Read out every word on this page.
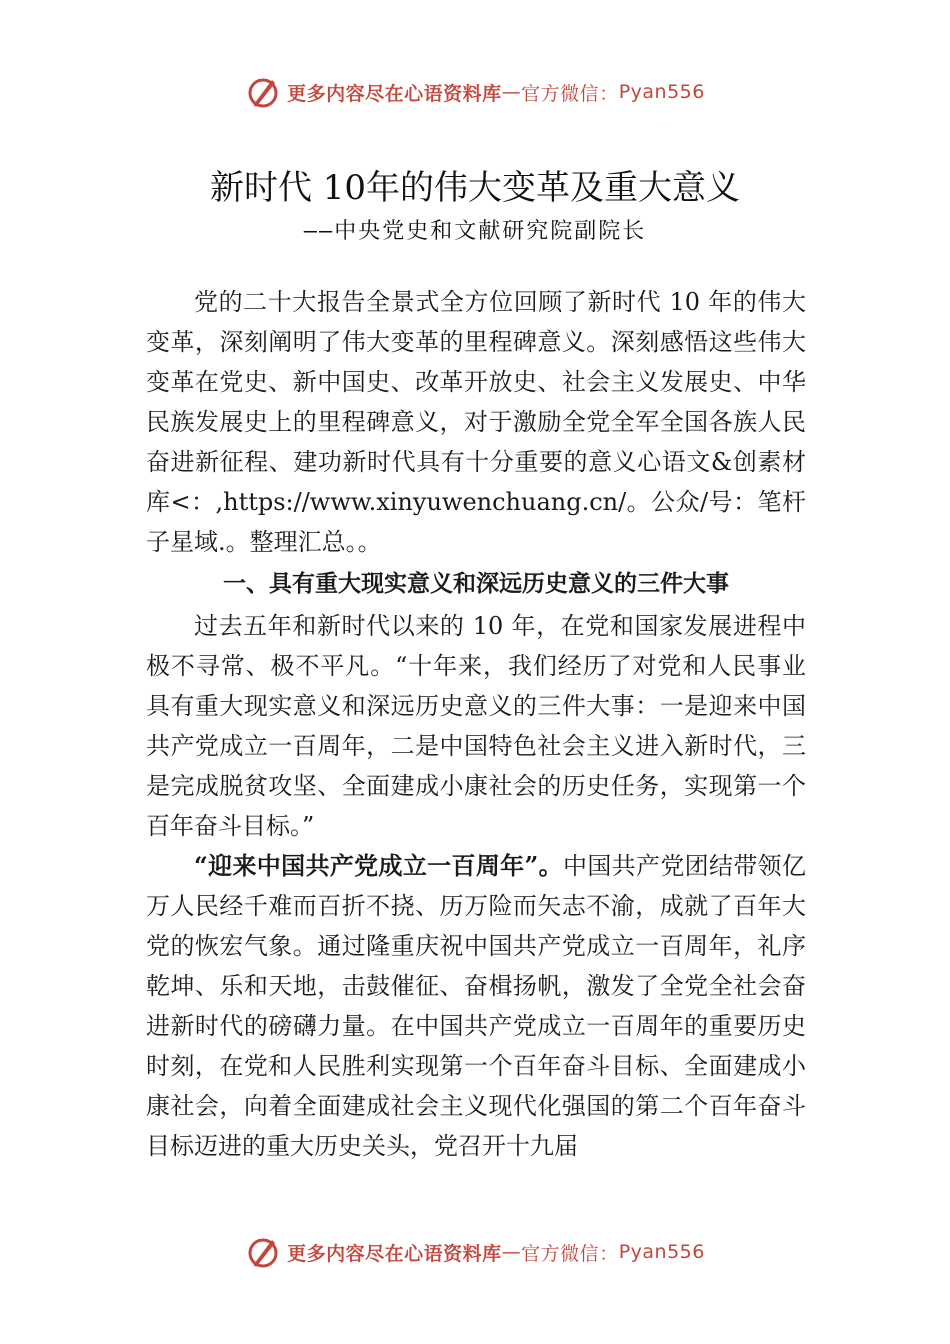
更多内容尽在心语资料库 — 官方微信： Pyan556
新时代 10年的伟大变革及重大意义
——中央党史和文献研究院副院长

党的二十大报告全景式全方位回顾了新时代 10 年的伟大变革，深刻阐明了伟大变革的里程碑意义。深刻感悟这些伟大变革在党史、新中国史、改革开放史、社会主义发展史、中华民族发展史上的里程碑意义，对于激励全党全军全国各族人民奋进新征程、建功新时代具有十分重要的意义心语文&创素材库<：,https://www.xinyuwenchuang.cn/。公众/号：笔杆子星域.。整理汇总。。

一、具有重大现实意义和深远历史意义的三件大事

过去五年和新时代以来的 10 年，在党和国家发展进程中极不寻常、极不平凡。“十年来，我们经历了对党和人民事业具有重大现实意义和深远历史意义的三件大事：一是迎来中国共产党成立一百周年，二是中国特色社会主义进入新时代，三是完成脱贫攻坚、全面建成小康社会的历史任务，实现第一个百年奋斗目标。”

“迎来中国共产党成立一百周年”。中国共产党团结带领亿万人民经千难而百折不挠、历万险而矢志不渝，成就了百年大党的恢宏气象。通过隆重庆祝中国共产党成立一百周年，礼序乾坤、乐和天地，击鼓催征、奋楫扬帆，激发了全党全社会奋进新时代的磅礴力量。在中国共产党成立一百周年的重要历史时刻，在党和人民胜利实现第一个百年奋斗目标、全面建成小康社会，向着全面建成社会主义现代化强国的第二个百年奋斗目标迈进的重大历史关头，党召开十九届

更多内容尽在心语资料库 — 官方微信： Pyan556
